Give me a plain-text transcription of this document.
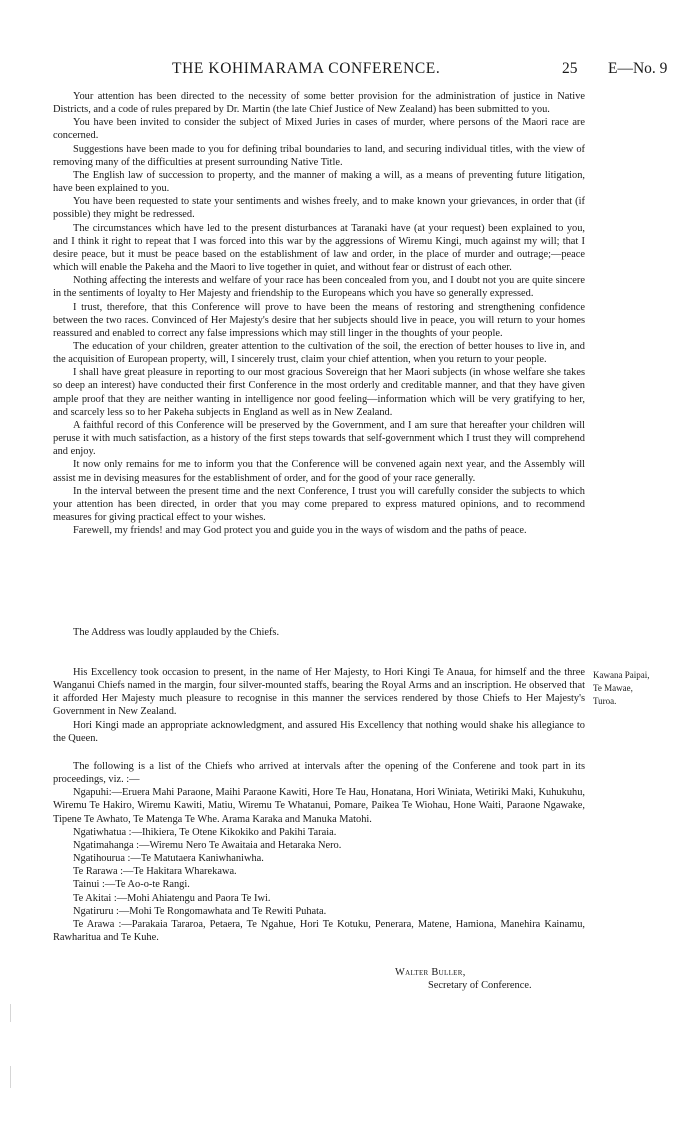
THE KOHIMARAMA CONFERENCE.	25 E—No. 9

Your attention has been directed to the necessity of some better provision for the administration of justice in Native Districts, and a code of rules prepared by Dr. Martin (the late Chief Justice of New Zealand) has been submitted to you.

You have been invited to consider the subject of Mixed Juries in cases of murder, where persons of the Maori race are concerned.

Suggestions have been made to you for defining tribal boundaries to land, and securing individual titles, with the view of removing many of the difficulties at present surrounding Native Title.

The English law of succession to property, and the manner of making a will, as a means of preventing future litigation, have been explained to you.

You have been requested to state your sentiments and wishes freely, and to make known your grievances, in order that (if possible) they might be redressed.

The circumstances which have led to the present disturbances at Taranaki have (at your request) been explained to you, and I think it right to repeat that I was forced into this war by the aggressions of Wiremu Kingi, much against my will; that I desire peace, but it must be peace based on the establishment of law and order, in the place of murder and outrage;—peace which will enable the Pakeha and the Maori to live together in quiet, and without fear or distrust of each other.

Nothing affecting the interests and welfare of your race has been concealed from you, and I doubt not you are quite sincere in the sentiments of loyalty to Her Majesty and friendship to the Europeans which you have so generally expressed.

I trust, therefore, that this Conference will prove to have been the means of restoring and strengthening confidence between the two races. Convinced of Her Majesty's desire that her subjects should live in peace, you will return to your homes reassured and enabled to correct any false impressions which may still linger in the thoughts of your people.

The education of your children, greater attention to the cultivation of the soil, the erection of better houses to live in, and the acquisition of European property, will, I sincerely trust, claim your chief attention, when you return to your people.

I shall have great pleasure in reporting to our most gracious Sovereign that her Maori subjects (in whose welfare she takes so deep an interest) have conducted their first Conference in the most orderly and creditable manner, and that they have given ample proof that they are neither wanting in intelligence nor good feeling—information which will be very gratifying to her, and scarcely less so to her Pakeha subjects in England as well as in New Zealand.

A faithful record of this Conference will be preserved by the Government, and I am sure that hereafter your children will peruse it with much satisfaction, as a history of the first steps towards that self-government which I trust they will comprehend and enjoy.

It now only remains for me to inform you that the Conference will be convened again next year, and the Assembly will assist me in devising measures for the establishment of order, and for the good of your race generally.

In the interval between the present time and the next Conference, I trust you will carefully consider the subjects to which your attention has been directed, in order that you may come prepared to express matured opinions, and to recommend measures for giving practical effect to your wishes.

Farewell, my friends! and may God protect you and guide you in the ways of wisdom and the paths of peace.

The Address was loudly applauded by the Chiefs.

His Excellency took occasion to present, in the name of Her Majesty, to Hori Kingi Te Anaua, for himself and the three Wanganui Chiefs named in the margin, four silver-mounted staffs, bearing the Royal Arms and an inscription. He observed that it afforded Her Majesty much pleasure to recognise in this manner the services rendered by those Chiefs to Her Majesty's Government in New Zealand.

Hori Kingi made an appropriate acknowledgment, and assured His Excellency that nothing would shake his allegiance to the Queen.

Kawana Paipai,
Te Mawae,
Turoa.

The following is a list of the Chiefs who arrived at intervals after the opening of the Conferene and took part in its proceedings, viz. :—

Ngapuhi:—Eruera Mahi Paraone, Maihi Paraone Kawiti, Hore Te Hau, Honatana, Hori Winiata, Wetiriki Maki, Kuhukuhu, Wiremu Te Hakiro, Wiremu Kawiti, Matiu, Wiremu Te Whatanui, Pomare, Paikea Te Wiohau, Hone Waiti, Paraone Ngawake, Tipene Te Awhato, Te Matenga Te Whe. Arama Karaka and Manuka Matohi.

Ngatiwhatua :—Ihikiera, Te Otene Kikokiko and Pakihi Taraia.

Ngatimahanga :—Wiremu Nero Te Awaitaia and Hetaraka Nero.

Ngatihourua :—Te Matutaera Kaniwhaniwha.

Te Rarawa :—Te Hakitara Wharekawa.

Tainui :—Te Ao-o-te Rangi.

Te Akitai :—Mohi Ahiatengu and Paora Te Iwi.

Ngatiruru :—Mohi Te Rongomawhata and Te Rewiti Puhata.

Te Arawa :—Parakaia Tararoa, Petaera, Te Ngahue, Hori Te Kotuku, Penerara, Matene, Hamiona, Manehira Kainamu, Rawharitua and Te Kuhe.

Walter Buller,
Secretary of Conference.
